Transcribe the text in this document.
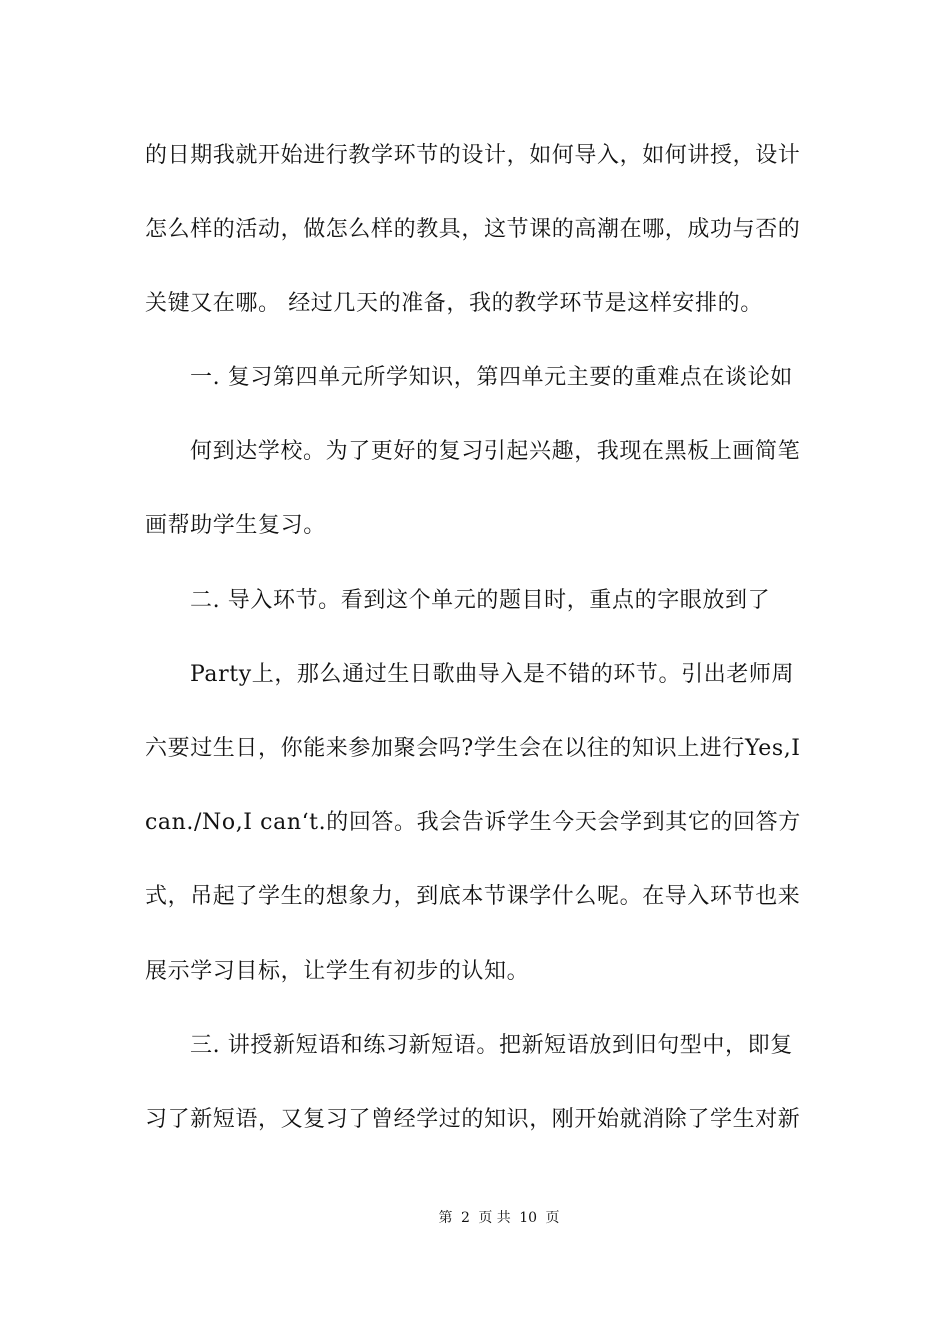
的日期我就开始进行教学环节的设计，如何导入，如何讲授，设计
怎么样的活动，做怎么样的教具，这节课的高潮在哪，成功与否的
关键又在哪。 经过几天的准备，我的教学环节是这样安排的。
一. 复习第四单元所学知识，第四单元主要的重难点在谈论如
何到达学校。为了更好的复习引起兴趣，我现在黑板上画简笔
画帮助学生复习。
二. 导入环节。看到这个单元的题目时，重点的字眼放到了
Party上，那么通过生日歌曲导入是不错的环节。引出老师周
六要过生日，你能来参加聚会吗?学生会在以往的知识上进行Yes,I
can./No,I can‘t.的回答。我会告诉学生今天会学到其它的回答方
式，吊起了学生的想象力，到底本节课学什么呢。在导入环节也来
展示学习目标，让学生有初步的认知。
三. 讲授新短语和练习新短语。把新短语放到旧句型中，即复
习了新短语，又复习了曾经学过的知识，刚开始就消除了学生对新
第 2 页 共 10 页
